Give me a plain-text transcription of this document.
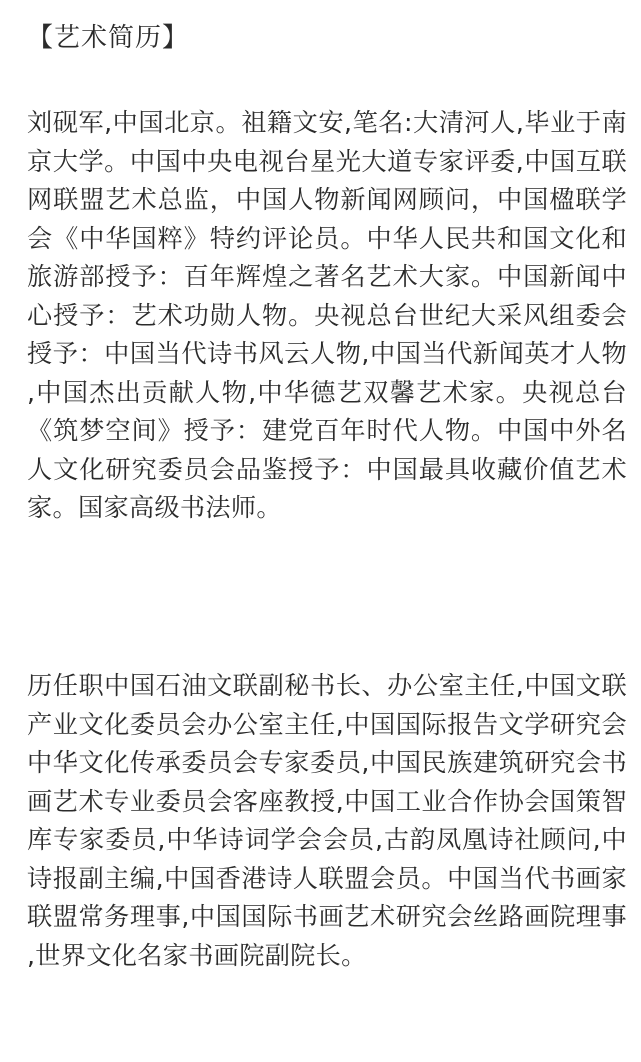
【艺术简历】
刘砚军,中国北京。祖籍文安,笔名:大清河人,毕业于南京大学。中国中央电视台星光大道专家评委,中国互联网联盟艺术总监，中国人物新闻网顾问，中国楹联学会《中华国粹》特约评论员。中华人民共和国文化和旅游部授予：百年辉煌之著名艺术大家。中国新闻中心授予：艺术功勋人物。央视总台世纪大采风组委会授予：中国当代诗书风云人物,中国当代新闻英才人物,中国杰出贡献人物,中华德艺双馨艺术家。央视总台《筑梦空间》授予：建党百年时代人物。中国中外名人文化研究委员会品鉴授予：中国最具收藏价值艺术家。国家高级书法师。
历任职中国石油文联副秘书长、办公室主任,中国文联产业文化委员会办公室主任,中国国际报告文学研究会中华文化传承委员会专家委员,中国民族建筑研究会书画艺术专业委员会客座教授,中国工业合作协会国策智库专家委员,中华诗词学会会员,古韵凤凰诗社顾问,中诗报副主编,中国香港诗人联盟会员。中国当代书画家联盟常务理事,中国国际书画艺术研究会丝路画院理事,世界文化名家书画院副院长。
